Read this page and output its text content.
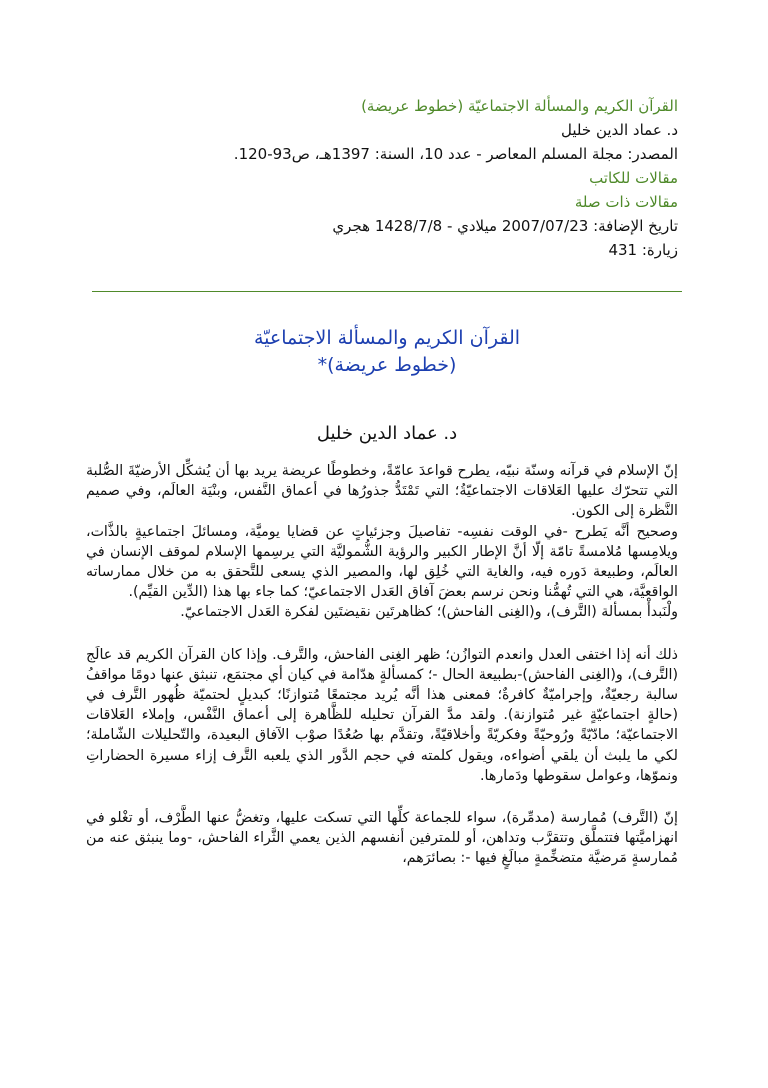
القرآن الكريم والمسألة الاجتماعيّة (خطوط عريضة)
د. عماد الدين خليل
المصدر: مجلة المسلم المعاصر - عدد 10، السنة: 1397هـ، ص93-120.
مقالات للكاتب
مقالات ذات صلة
تاريخ الإضافة: 2007/07/23 ميلادي - 1428/7/8 هجري
زيارة: 431
القرآن الكريم والمسألة الاجتماعيّة
(خطوط عريضة)*
د. عماد الدين خليل

إنّ الإسلام في قرآنه وسنّة نبيّه، يطرح قواعدَ عامّةً، وخطوطًا عريضة يريد بها أن يُشكِّل الأرضيّةَ الصُّلبة التي تتحرّك عليها العَلاقات الاجتماعيّةُ؛ التي تَمْتَدُّ جذورُها في أعماق النَّفس، وبنْيَة العالَم، وفي صميم النَّظرة إلى الكون.

وصحيح أنَّه يَطرح -في الوقت نفسِه- تفاصيلَ وجزئياتٍ عن قضايا يوميَّة، ومسائلَ اجتماعيةٍ بالذَّات، ويلامِسها مُلامسةً تامّة إلّا أنَّ الإطار الكبير والرؤية الشُّموليَّة التي يرسِمها الإسلام لموقف الإنسان في العالَم، وطبيعة دَوره فيه، والغاية التي خُلِق لها، والمصير الذي يسعى للتَّحقق به من خلال ممارساته الواقعيَّة، هي التي تُهمُّنا ونحن نرسم بعضَ آفاق العَدل الاجتماعيّ؛ كما جاء بها هذا (الدِّين القيِّم).

ولْنَبدأْ بمسألة (التَّرف)، و(الغِنى الفاحش)؛ كظاهرتَين نقيضتَين لفكرة العَدل الاجتماعيّ.

ذلك أنه إذا اختفى العدل وانعدم التوازُن؛ ظهر الغِنى الفاحش، والتَّرف. وإذا كان القرآن الكريم قد عالَج (التَّرف)، و(الغِنى الفاحش)-بطبيعة الحال -؛ كمسألةٍ هدّامة في كيان أي مجتمَع، تنبثق عنها دومًا مواقفُ سالبة رجعيّةٌ، وإجراميّةٌ كافرةٌ؛ فمعنى هذا أنَّه يُريد مجتمعًا مُتوازنًا؛ كبديلٍ لحتميّة ظُهور التَّرف في (حالةٍ اجتماعيّةٍ غير مُتوازنة). ولقد مدَّ القرآن تحليله للظَّاهرة إلى أعماق النَّفْس، وإملاء العَلاقات الاجتماعيّة؛ مادّيّةً ورُوحيّةً وفكريّةً وأخلاقيّةً، وتقدَّم بها صُعُدًا صوْب الآفاق البعيدة، والتّحليلات الشّاملة؛ لكي ما يلبث أن يلقي أضواءه، ويقول كلمته في حجم الدَّور الذي يلعبه التَّرف إزاء مسيرة الحضاراتِ ونموّها، وعوامل سقوطها ودَمارها.

إنّ (التَّرف) مُمارسة (مدمِّرة)، سواء للجماعة كلِّها التي تسكت عليها، وتغضُّ عنها الطَّرْف، أو تغْلو في انهزاميَّتها فتتملَّق وتتقرَّب وتداهن، أو للمترفين أنفسهم الذين يعمي الثَّراء الفاحش، -وما ينبثق عنه من مُمارسةٍ مَرضيَّة متضخِّمةٍ مبالَغٍ فيها -: بصائرَهم،
